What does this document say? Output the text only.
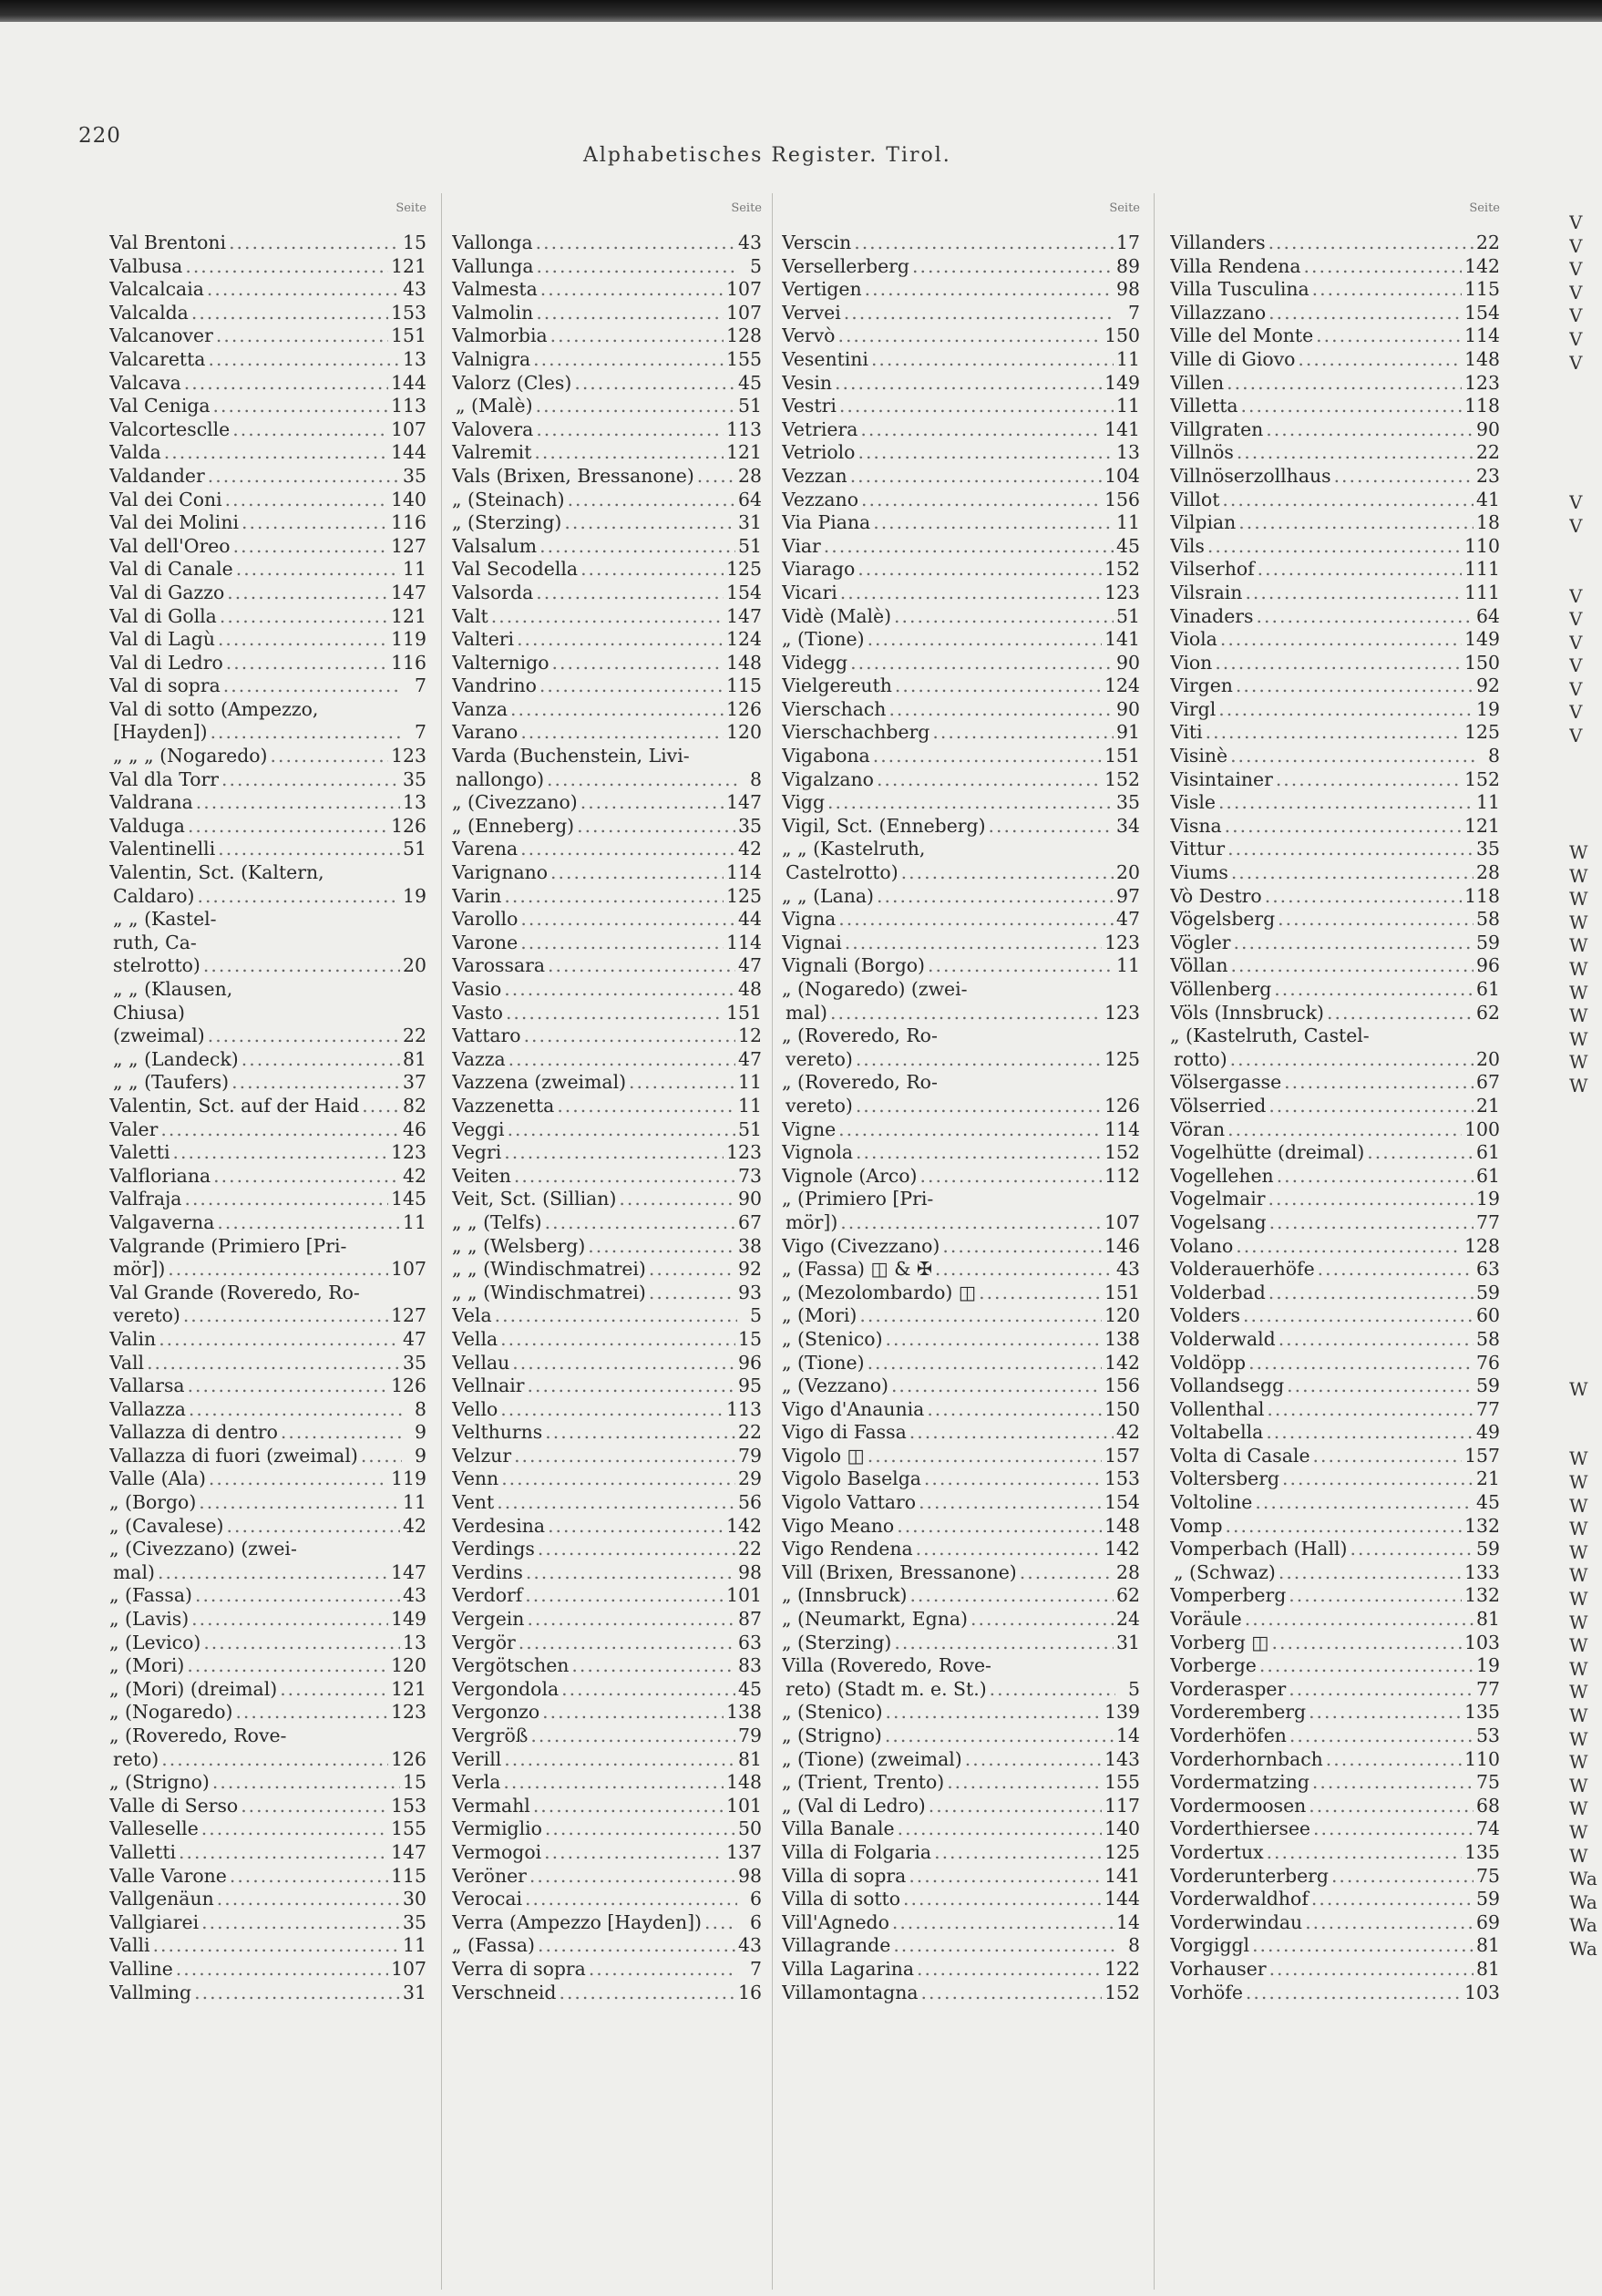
220
Alphabetisches Register. Tirol.
Seite
Val Brentoni .....	15
Valbusa .....	121
Valcalcaia .....	43
Valcalda .....	153
Valcanover .....	151
Valcaretta .....	13
Valcava .....	144
Val Ceniga .....	113
Valcortesclle .....	107
Valda .....	144
Valdander .....	35
Val dei Coni .....	140
Val dei Molini .....	116
Val dell'Oreo .....	127
Val di Canale .....	11
Val di Gazzo .....	147
Val di Golla .....	121
Val di Lagù .....	119
Val di Ledro .....	116
Val di sopra .....	7
Val di sotto (Ampezzo,
[Hayden]) .....	7
„ „ „ (Nogaredo) .....	123
Val dla Torr .....	35
Valdrana .....	13
Valduga .....	126
Valentinelli .....	51
Valentin, Sct. (Kaltern,
Caldaro) .....	19
„ „ (Kastel-
ruth, Ca-
stelrotto) .....	20
„ „ (Klausen,
Chiusa)
(zweimal) .....	22
„ „ (Landeck) .....	81
„ „ (Taufers) .....	37
Valentin, Sct. auf der Haid ..... 82
Valer .....	46
Valetti .....	123
Valfloriana .....	42
Valfraja .....	145
Valgaverna .....	11
Valgrande (Primiero [Pri-
mör]) .....	107
Val Grande (Roveredo, Ro-
vereto) .....	127
Valin .....	47
Vall .....	35
Vallarsa .....	126
Vallazza .....	8
Vallazza di dentro .....	9
Vallazza di fuori (zweimal) .....	9
Valle (Ala) .....	119
„ (Borgo) .....	11
„ (Cavalese) .....	42
„ (Civezzano) (zwei-
mal) .....	147
„ (Fassa) .....	43
„ (Lavis) .....	149
„ (Levico) .....	13
„ (Mori) .....	120
„ (Mori) (dreimal) .....	121
„ (Nogaredo) .....	123
„ (Roveredo, Rove-
reto) .....	126
„ (Strigno) .....	15
Valle di Serso .....	153
Valleselle .....	155
Valletti .....	147
Valle Varone .....	115
Vallgenäun .....	30
Vallgiarei .....	35
Valli .....	11
Valline .....	107
Vallming .....	31
Seite
Vallonga .....	43
Vallunga .....	5
Valmesta .....	107
Valmolin .....	107
Valmorbia .....	128
Valnigra .....	155
Valorz (Cles) .....	45
„ (Malè) .....	51
Valovera .....	113
Valremit .....	121
Vals (Brixen, Bressanone) ..... 28
„ (Steinach) .....	64
„ (Sterzing) .....	31
Valsalum .....	51
Val Secodella .....	125
Valsorda .....	154
Valt .....	147
Valteri .....	124
Valternigo .....	148
Vandrino .....	115
Vanza .....	126
Varano .....	120
Varda (Buchenstein, Livi-
nallongo) .....	8
„ (Civezzano) .....	147
„ (Enneberg) .....	35
Varena .....	42
Varignano .....	114
Varin .....	125
Varollo .....	44
Varone .....	114
Varossara .....	47
Vasio .....	48
Vasto .....	151
Vattaro .....	12
Vazza .....	47
Vazzena (zweimal) .....	11
Vazzenetta .....	11
Veggi .....	51
Vegri .....	123
Veiten .....	73
Veit, Sct. (Sillian) .....	90
„ „ (Telfs) .....	67
„ „ (Welsberg) .....	38
„ „ (Windischmatrei) .....	92
„ „ (Windischmatrei) .....	93
Vela .....	5
Vella .....	15
Vellau .....	96
Vellnair .....	95
Vello .....	113
Velthurns .....	22
Velzur .....	79
Venn .....	29
Vent .....	56
Verdesina .....	142
Verdings .....	22
Verdins .....	98
Verdorf .....	101
Vergein .....	87
Vergör .....	63
Vergötschen .....	83
Vergondola .....	45
Vergonzo .....	138
Vergröß .....	79
Verill .....	81
Verla .....	148
Vermahl .....	101
Vermiglio .....	50
Vermogoi .....	137
Veröner .....	98
Verocai .....	6
Verra (Ampezzo [Hayden]) .....	6
„ (Fassa) .....	43
Verra di sopra .....	7
Verschneid .....	16
Seite
Verscin .....	17
Versellerberg .....	89
Vertigen .....	98
Vervei .....	7
Vervò .....	150
Vesentini .....	11
Vesin .....	149
Vestri .....	11
Vetriera .....	141
Vetriolo .....	13
Vezzan .....	104
Vezzano .....	156
Via Piana .....	11
Viar .....	45
Viarago .....	152
Vicari .....	123
Vidè (Malè) .....	51
„ (Tione) .....	141
Videgg .....	90
Vielgereuth .....	124
Vierschach .....	90
Vierschachberg .....	91
Vigabona .....	151
Vigalzano .....	152
Vigg .....	35
Vigil, Sct. (Enneberg) .....	34
„ „ (Kastelruth,
Castelrotto) .....	20
„ „ (Lana) .....	97
Vigna .....	47
Vignai .....	123
Vignali (Borgo) .....	11
„ (Nogaredo) (zwei-
mal) .....	123
„ (Roveredo, Ro-
vereto) .....	125
„ (Roveredo, Ro-
vereto) .....	126
Vigne .....	114
Vignola .....	152
Vignole (Arco) .....	112
„ (Primiero [Pri-
mör]) .....	107
Vigo (Civezzano) .....	146
„ (Fassa) ◫ & ✠ .....	43
„ (Mezolombardo) ◫ .....	151
„ (Mori) .....	120
„ (Stenico) .....	138
„ (Tione) .....	142
„ (Vezzano) .....	156
Vigo d'Anaunia .....	150
Vigo di Fassa .....	42
Vigolo ◫ .....	157
Vigolo Baselga .....	153
Vigolo Vattaro .....	154
Vigo Meano .....	148
Vigo Rendena .....	142
Vill (Brixen, Bressanone) .....	28
„ (Innsbruck) .....	62
„ (Neumarkt, Egna) .....	24
„ (Sterzing) .....	31
Villa (Roveredo, Rove-
reto) (Stadt m. e. St.) .....	5
„ (Stenico) .....	139
„ (Strigno) .....	14
„ (Tione) (zweimal) .....	143
„ (Trient, Trento) .....	155
„ (Val di Ledro) .....	117
Villa Banale .....	140
Villa di Folgaria .....	125
Villa di sopra .....	141
Villa di sotto .....	144
Vill'Agnedo .....	14
Villagrande .....	8
Villa Lagarina .....	122
Villamontagna .....	152
Seite
Villanders .....	22
Villa Rendena .....	142
Villa Tusculina .....	115
Villazzano .....	154
Ville del Monte .....	114
Ville di Giovo .....	148
Villen .....	123
Villetta .....	118
Villgraten .....	90
Villnös .....	22
Villnöserzollhaus .....	23
Villot .....	41
Vilpian .....	18
Vils .....	110
Vilserhof .....	111
Vilsrain .....	111
Vinaders .....	64
Viola .....	149
Vion .....	150
Virgen .....	92
Virgl .....	19
Viti .....	125
Visinè .....	8
Visintainer .....	152
Visle .....	11
Visna .....	121
Vittur .....	35
Viums .....	28
Vò Destro .....	118
Vögelsberg .....	58
Vögler .....	59
Völlan .....	96
Völlenberg .....	61
Völs (Innsbruck) .....	62
„ (Kastelruth, Castel-
rotto) .....	20
Völsergasse .....	67
Völserried .....	21
Vöran .....	100
Vogelhütte (dreimal) .....	61
Vogellehen .....	61
Vogelmair .....	19
Vogelsang .....	77
Volano .....	128
Volderauerhöfe .....	63
Volderbad .....	59
Volders .....	60
Volderwald .....	58
Voldöpp .....	76
Vollandsegg .....	59
Vollenthal .....	77
Voltabella .....	49
Volta di Casale .....	157
Voltersberg .....	21
Voltoline .....	45
Vomp .....	132
Vomperbach (Hall) .....	59
„ (Schwaz) .....	133
Vomperberg .....	132
Voräule .....	81
Vorberg ◫ .....	103
Vorberge .....	19
Vorderasper .....	77
Vorderemberg .....	135
Vorderhöfen .....	53
Vorderhornbach .....	110
Vordermatzing .....	75
Vordermoosen .....	68
Vorderthiersee .....	74
Vordertux .....	135
Vorderunterberg .....	75
Vorderwaldhof .....	59
Vorderwindau .....	69
Vorgiggl .....	81
Vorhauser .....	81
Vorhöfe .....	103
V
V
V
V
V
V
V
V
V
V
V
V
V
V
V
V
W
W
W
W
W
W
W
W
W
W
W
W
W
W
W
W
W
W
W
W
W
W
W
W
W
W
W
W
W
W
Wa
Wa
Wa
Wa
